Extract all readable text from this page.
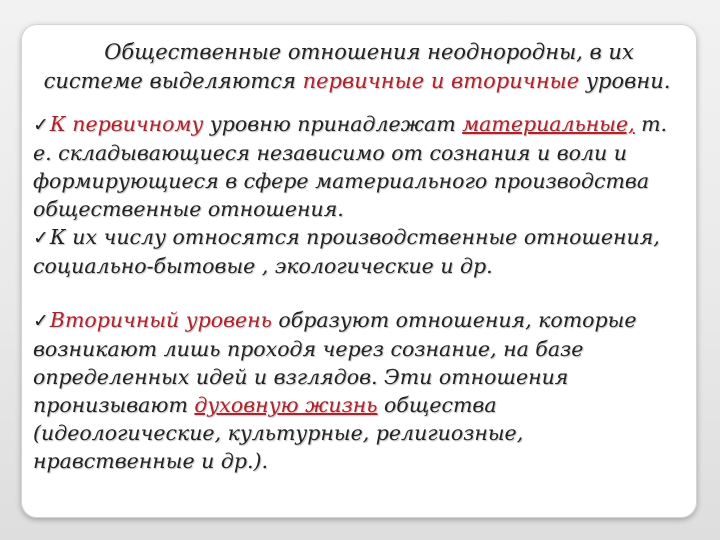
Общественные отношения неоднородны, в их
системе выделяются первичные и вторичные уровни.

✓К первичному уровню принадлежат материальные, т. е. складывающиеся независимо от сознания и воли и формирующиеся в сфере материального производства общественные отношения.

✓К их числу относятся производственные отношения, социально-бытовые , экологические и др.

✓Вторичный уровень образуют отношения, которые возникают лишь проходя через сознание, на базе определенных идей и взглядов. Эти отношения пронизывают духовную жизнь общества (идеологические, культурные, религиозные, нравственные и др.).
